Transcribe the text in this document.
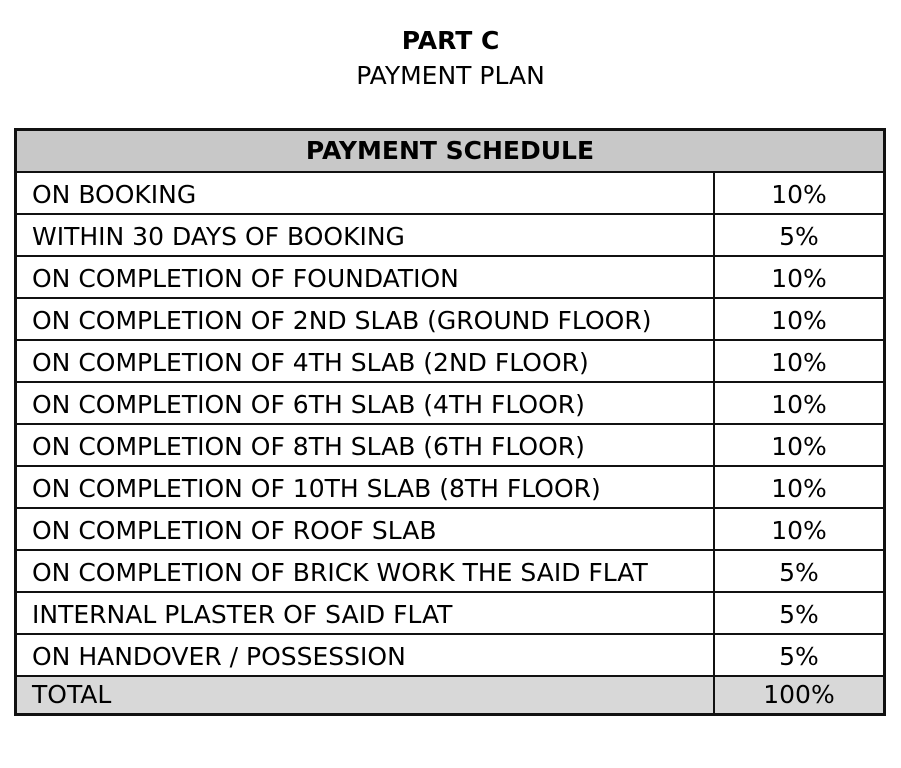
PART C
PAYMENT PLAN
PAYMENT SCHEDULE	
ON BOOKING	10%
WITHIN 30 DAYS OF BOOKING	5%
ON COMPLETION OF FOUNDATION	10%
ON COMPLETION OF 2ND SLAB (GROUND FLOOR)	10%
ON COMPLETION OF 4TH SLAB (2ND FLOOR)	10%
ON COMPLETION OF 6TH SLAB (4TH FLOOR)	10%
ON COMPLETION OF 8TH SLAB (6TH FLOOR)	10%
ON COMPLETION OF 10TH SLAB (8TH FLOOR)	10%
ON COMPLETION OF ROOF SLAB	10%
ON COMPLETION OF BRICK WORK THE SAID FLAT	5%
INTERNAL PLASTER OF SAID FLAT	5%
ON HANDOVER / POSSESSION	5%
TOTAL	100%
